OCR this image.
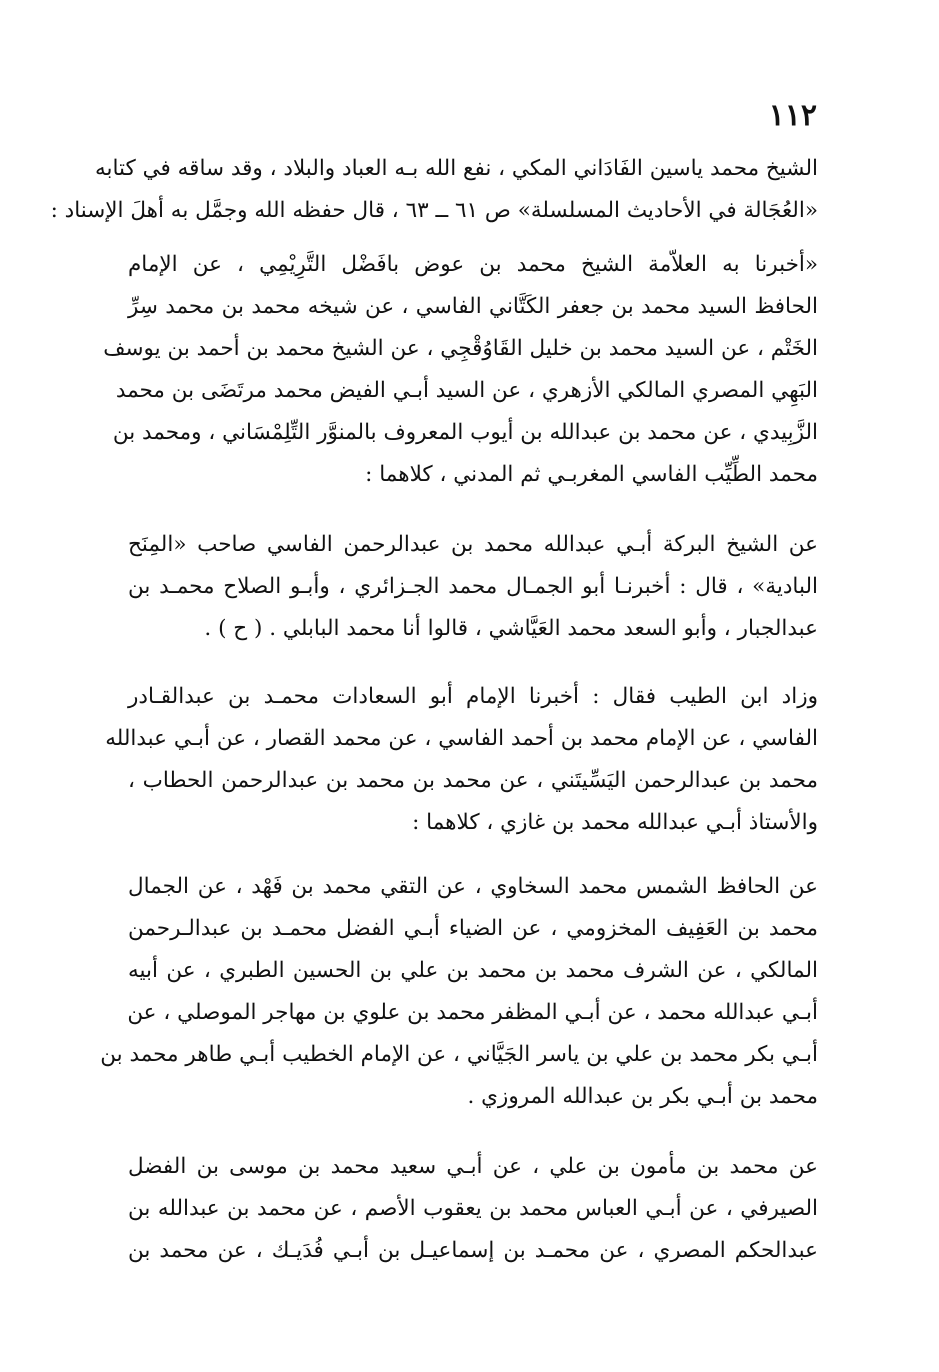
١١٢
الشيخ محمد ياسين الفَادَاني المكي ، نفع الله بـه العباد والبلاد ، وقد ساقه في كتابه
«العُجَالة في الأحاديث المسلسلة» ص ٦١ ــ ٦٣ ، قال حفظه الله وجمَّل به أهلَ الإسناد :
«أخبرنا به العلاّمة الشيخ محمد بن عوض بافَضْل التَّرِيْمِي ، عن الإمام
الحافظ السيد محمد بن جعفر الكَتَّاني الفاسي ، عن شيخه محمد بن محمد سِرِّ
الخَتْم ، عن السيد محمد بن خليل القَاوُقْجِي ، عن الشيخ محمد بن أحمد بن يوسف
البَهِي المصري المالكي الأزهري ، عن السيد أبـي الفيض محمد مرتَضَى بن محمد
الزَّبِيدي ، عن محمد بن عبدالله بن أيوب المعروف بالمنوَّر التِّلِمْسَاني ، ومحمد بن
محمد الطِّيِّب الفاسي المغربـي ثم المدني ، كلاهما :
عن الشيخ البركة أبـي عبدالله محمد بن عبدالرحمن الفاسي صاحب «المِنَح
البادية» ، قال : أخبرنـا أبو الجمـال محمد الجـزائري ، وأبـو الصلاح محمـد بن
عبدالجبار ، وأبو السعد محمد العَيَّاشي ، قالوا أنا محمد البابلي . ( ح ) .
وزاد ابن الطيب فقال : أخبرنا الإمام أبو السعادات محمـد بن عبدالقـادر
الفاسي ، عن الإمام محمد بن أحمد الفاسي ، عن محمد القصار ، عن أبـي عبدالله
محمد بن عبدالرحمن اليَسِّيتَني ، عن محمد بن محمد بن عبدالرحمن الحطاب ،
والأستاذ أبـي عبدالله محمد بن غازي ، كلاهما :
عن الحافظ الشمس محمد السخاوي ، عن التقي محمد بن فَهْد ، عن الجمال
محمد بن العَفِيف المخزومي ، عن الضياء أبـي الفضل محمـد بن عبدالـرحمن
المالكي ، عن الشرف محمد بن محمد بن علي بن الحسين الطبري ، عن أبيه
أبـي عبدالله محمد ، عن أبـي المظفر محمد بن علوي بن مهاجر الموصلي ، عن
أبـي بكر محمد بن علي بن ياسر الجَيَّاني ، عن الإمام الخطيب أبـي طاهر محمد بن
محمد بن أبـي بكر بن عبدالله المروزي .
عن محمد بن مأمون بن علي ، عن أبـي سعيد محمد بن موسى بن الفضل
الصيرفي ، عن أبـي العباس محمد بن يعقوب الأصم ، عن محمد بن عبدالله بن
عبدالحكم المصري ، عن محمـد بن إسماعيـل بن أبـي فُدَيـك ، عن محمد بن
